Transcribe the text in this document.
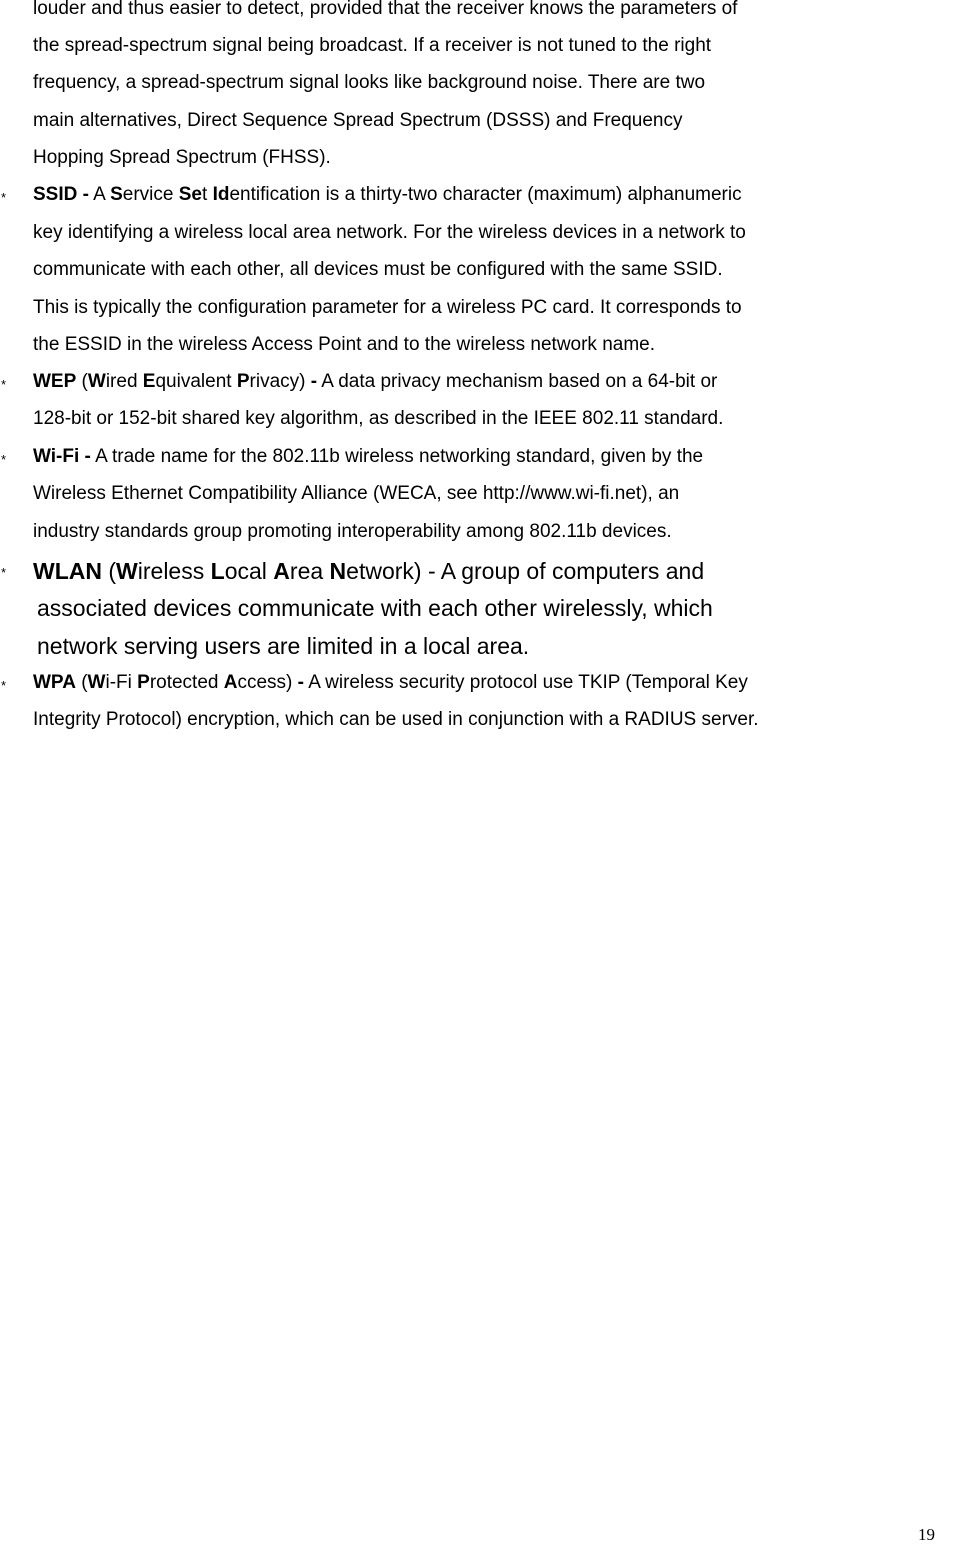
louder and thus easier to detect, provided that the receiver knows the parameters of

the spread-spectrum signal being broadcast. If a receiver is not tuned to the right

frequency, a spread-spectrum signal looks like background noise. There are two

main alternatives, Direct Sequence Spread Spectrum (DSSS) and Frequency

Hopping Spread Spectrum (FHSS).

* SSID - A Service Set Identification is a thirty-two character (maximum) alphanumeric

key identifying a wireless local area network. For the wireless devices in a network to

communicate with each other, all devices must be configured with the same SSID.

This is typically the configuration parameter for a wireless PC card. It corresponds to

the ESSID in the wireless Access Point and to the wireless network name.

* WEP (Wired Equivalent Privacy) - A data privacy mechanism based on a 64-bit or

128-bit or 152-bit shared key algorithm, as described in the IEEE 802.11 standard.

* Wi-Fi - A trade name for the 802.11b wireless networking standard, given by the

Wireless Ethernet Compatibility Alliance (WECA, see http://www.wi-fi.net), an

industry standards group promoting interoperability among 802.11b devices.

* WLAN (Wireless Local Area Network) - A group of computers and

associated devices communicate with each other wirelessly, which

network serving users are limited in a local area.

* WPA (Wi-Fi Protected Access) - A wireless security protocol use TKIP (Temporal Key

Integrity Protocol) encryption, which can be used in conjunction with a RADIUS server.

19
